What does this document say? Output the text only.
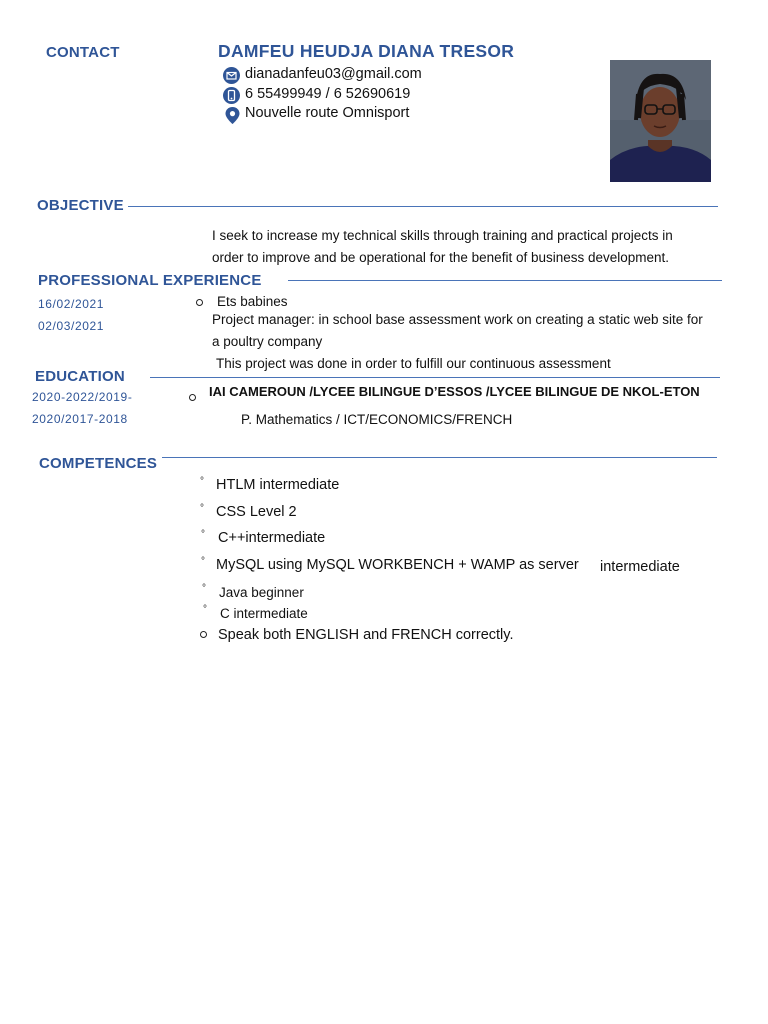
CONTACT	DAMFEU HEUDJA DIANA TRESOR
dianadanfeu03@gmail.com
6 55499949 / 6 52690619
Nouvelle route Omnisport
OBJECTIVE
I seek to increase my technical skills through training and practical projects in
order to improve and be operational for the benefit of business development.
PROFESSIONAL EXPERIENCE
16/02/2021
02/03/2021
Ets babines
Project manager: in school base assessment work on creating a static web site for
a poultry company
This project was done in order to fulfill our continuous assessment
EDUCATION
2020-2022/2019-
2020/2017-2018
IAI CAMEROUN /LYCEE BILINGUE D’ESSOS /LYCEE BILINGUE DE NKOL-ETON
P. Mathematics / ICT/ECONOMICS/FRENCH
COMPETENCES
° HTLM intermediate
° CSS Level 2
° C++intermediate
° MySQL using MySQL WORKBENCH + WAMP as server intermediate
° Java beginner
° C intermediate
Speak both ENGLISH and FRENCH correctly.
